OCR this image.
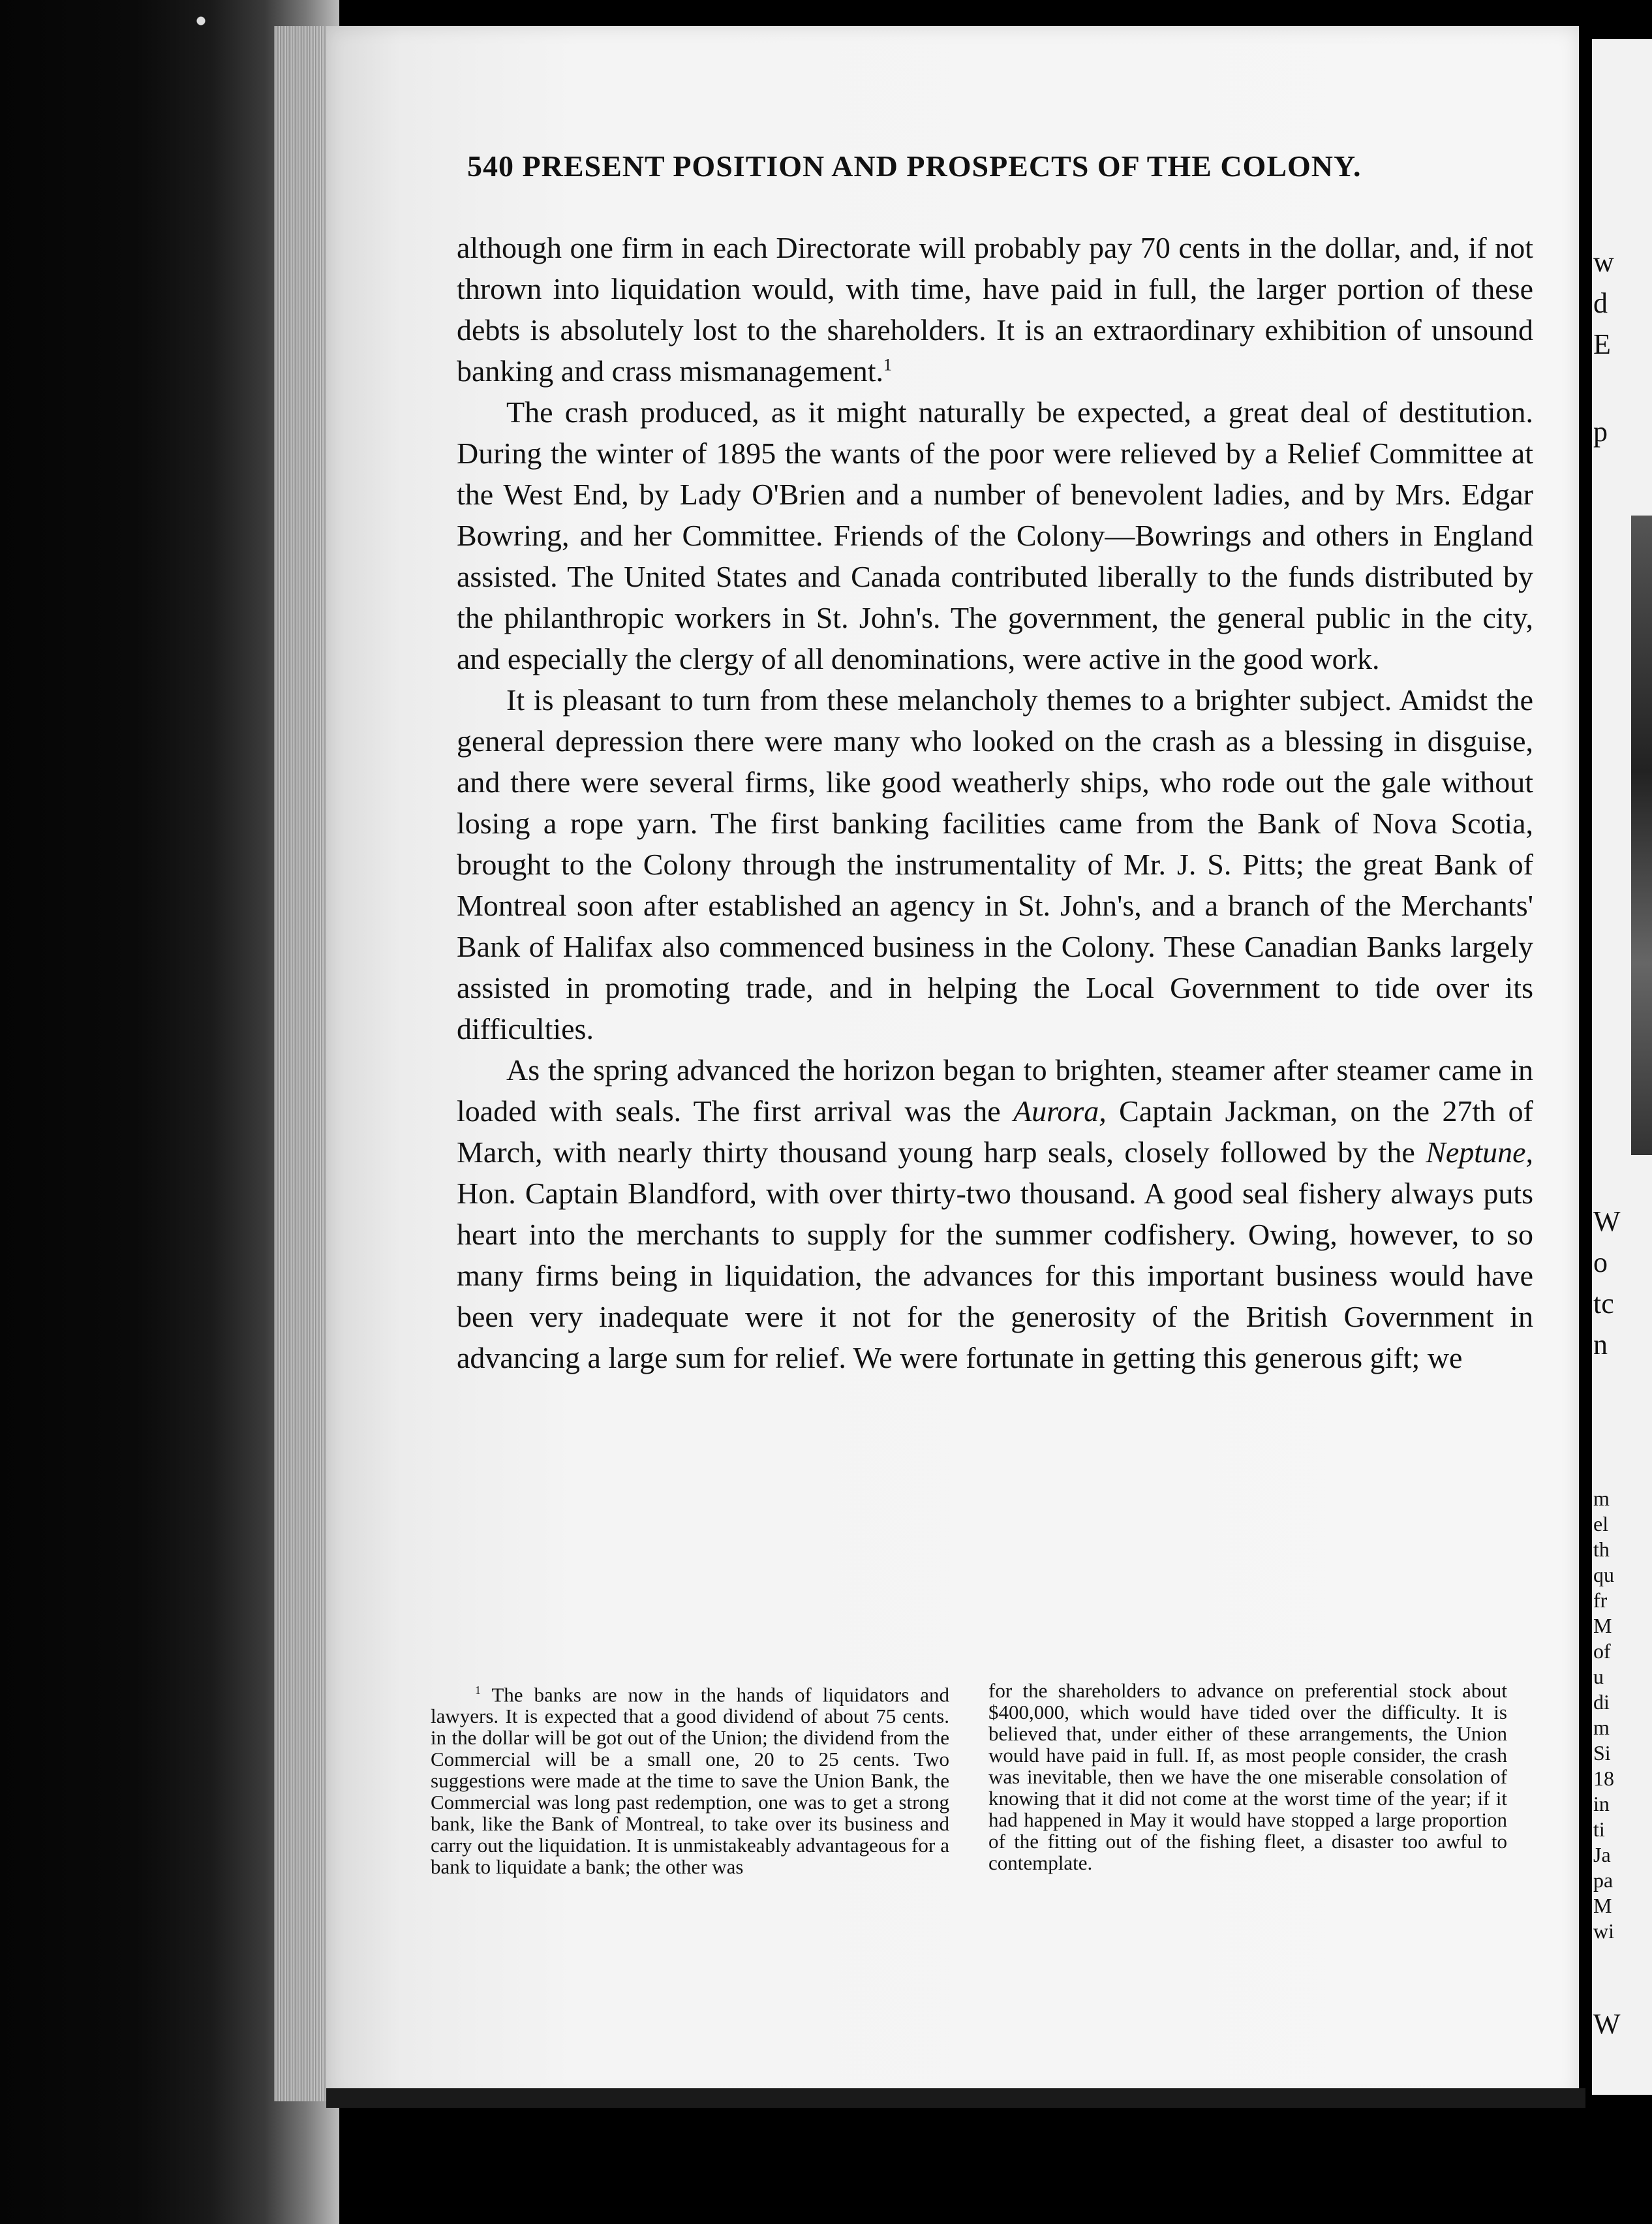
540 PRESENT POSITION AND PROSPECTS OF THE COLONY.

although one firm in each Directorate will probably pay 70 cents in the dollar, and, if not thrown into liquidation would, with time, have paid in full, the larger portion of these debts is absolutely lost to the shareholders. It is an extraordinary exhibition of unsound banking and crass mismanagement.$^1$

The crash produced, as it might naturally be expected, a great deal of destitution. During the winter of 1895 the wants of the poor were relieved by a Relief Committee at the West End, by Lady O'Brien and a number of benevolent ladies, and by Mrs. Edgar Bowring, and her Committee. Friends of the Colony—Bowrings and others in England assisted. The United States and Canada contributed liberally to the funds distributed by the philanthropic workers in St. John's. The government, the general public in the city, and especially the clergy of all denominations, were active in the good work.

It is pleasant to turn from these melancholy themes to a brighter subject. Amidst the general depression there were many who looked on the crash as a blessing in disguise, and there were several firms, like good weatherly ships, who rode out the gale without losing a rope yarn. The first banking facilities came from the Bank of Nova Scotia, brought to the Colony through the instrumentality of Mr. J. S. Pitts; the great Bank of Montreal soon after established an agency in St. John's, and a branch of the Merchants' Bank of Halifax also commenced business in the Colony. These Canadian Banks largely assisted in promoting trade, and in helping the Local Government to tide over its difficulties.

As the spring advanced the horizon began to brighten, steamer after steamer came in loaded with seals. The first arrival was the Aurora, Captain Jackman, on the 27th of March, with nearly thirty thousand young harp seals, closely followed by the Neptune, Hon. Captain Blandford, with over thirty-two thousand. A good seal fishery always puts heart into the merchants to supply for the summer codfishery. Owing, however, to so many firms being in liquidation, the advances for this important business would have been very inadequate were it not for the generosity of the British Government in advancing a large sum for relief. We were fortunate in getting this generous gift; we

$^1$ The banks are now in the hands of liquidators and lawyers. It is expected that a good dividend of about 75 cents. in the dollar will be got out of the Union; the dividend from the Commercial will be a small one, 20 to 25 cents. Two suggestions were made at the time to save the Union Bank, the Commercial was long past redemption, one was to get a strong bank, like the Bank of Montreal, to take over its business and carry out the liquidation. It is unmistakeably advantageous for a bank to liquidate a bank; the other was

for the shareholders to advance on preferential stock about $400,000, which would have tided over the difficulty. It is believed that, under either of these arrangements, the Union would have paid in full. If, as most people consider, the crash was inevitable, then we have the one miserable consolation of knowing that it did not come at the worst time of the year; if it had happened in May it would have stopped a large proportion of the fitting out of the fishing fleet, a disaster too awful to contemplate.

w
d
E
p
W
o
tc
n
m
el
th
qu
fr
M
of
u
di
m
Si
18
in
ti
Ja
pa
M
wi
W
